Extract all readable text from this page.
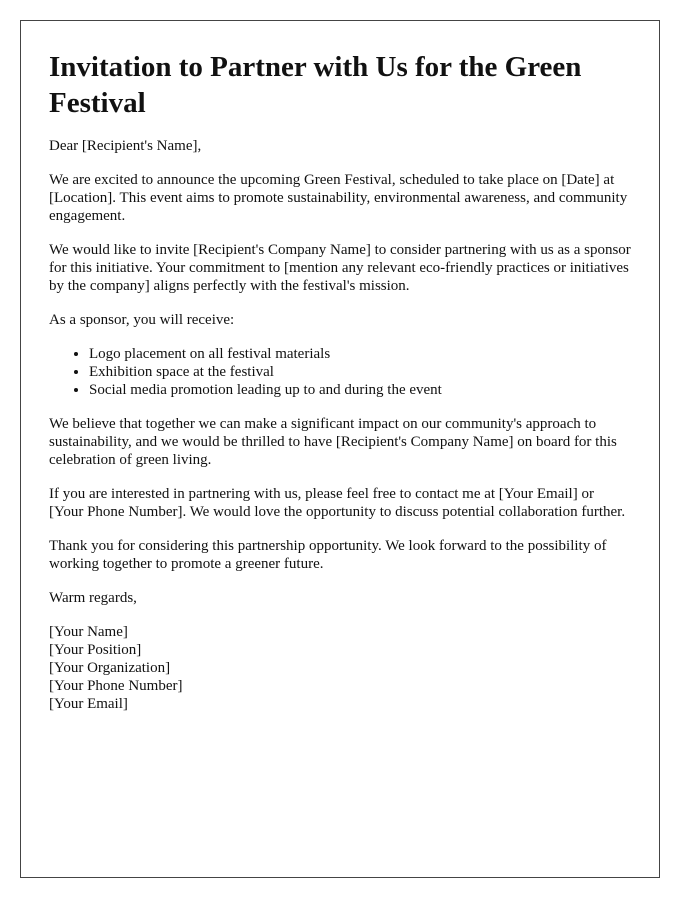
Invitation to Partner with Us for the Green Festival

Dear [Recipient's Name],

We are excited to announce the upcoming Green Festival, scheduled to take place on [Date] at [Location]. This event aims to promote sustainability, environmental awareness, and community engagement.

We would like to invite [Recipient's Company Name] to consider partnering with us as a sponsor for this initiative. Your commitment to [mention any relevant eco-friendly practices or initiatives by the company] aligns perfectly with the festival's mission.

As a sponsor, you will receive:

• Logo placement on all festival materials
• Exhibition space at the festival
• Social media promotion leading up to and during the event

We believe that together we can make a significant impact on our community's approach to sustainability, and we would be thrilled to have [Recipient's Company Name] on board for this celebration of green living.

If you are interested in partnering with us, please feel free to contact me at [Your Email] or [Your Phone Number]. We would love the opportunity to discuss potential collaboration further.

Thank you for considering this partnership opportunity. We look forward to the possibility of working together to promote a greener future.

Warm regards,

[Your Name]
[Your Position]
[Your Organization]
[Your Phone Number]
[Your Email]
